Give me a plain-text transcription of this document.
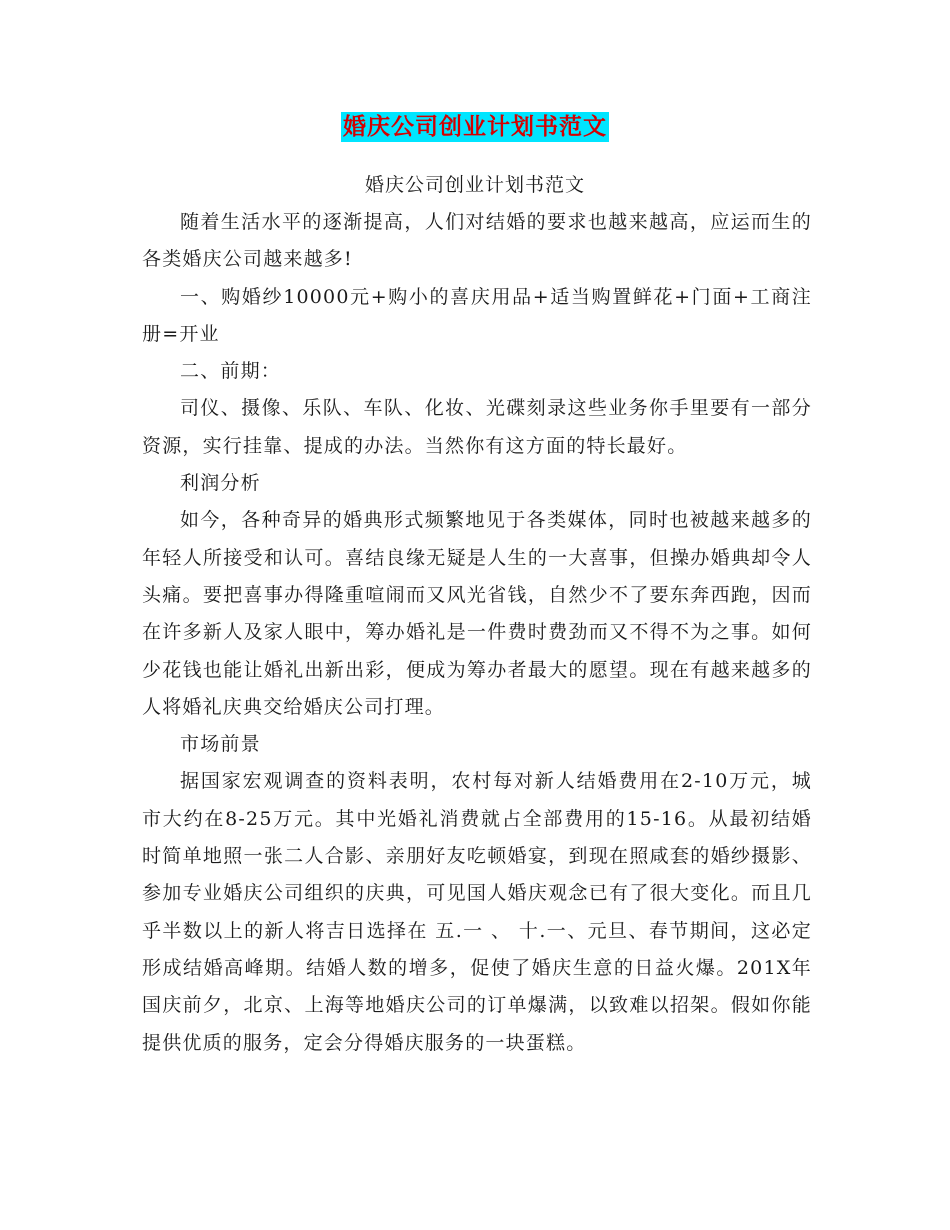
婚庆公司创业计划书范文
婚庆公司创业计划书范文

随着生活水平的逐渐提高，人们对结婚的要求也越来越高，应运而生的各类婚庆公司越来越多!

一、购婚纱10000元+购小的喜庆用品+适当购置鲜花+门面+工商注册=开业

二、前期：

司仪、摄像、乐队、车队、化妆、光碟刻录这些业务你手里要有一部分资源，实行挂靠、提成的办法。当然你有这方面的特长最好。

利润分析

如今，各种奇异的婚典形式频繁地见于各类媒体，同时也被越来越多的年轻人所接受和认可。喜结良缘无疑是人生的一大喜事，但操办婚典却令人头痛。要把喜事办得隆重喧闹而又风光省钱，自然少不了要东奔西跑，因而在许多新人及家人眼中，筹办婚礼是一件费时费劲而又不得不为之事。如何少花钱也能让婚礼出新出彩，便成为筹办者最大的愿望。现在有越来越多的人将婚礼庆典交给婚庆公司打理。

市场前景

据国家宏观调查的资料表明，农村每对新人结婚费用在2-10万元，城市大约在8-25万元。其中光婚礼消费就占全部费用的15-16。从最初结婚时简单地照一张二人合影、亲朋好友吃顿婚宴，到现在照咸套的婚纱摄影、参加专业婚庆公司组织的庆典，可见国人婚庆观念已有了很大变化。而且几乎半数以上的新人将吉日选择在 五.一 、 十.一、元旦、春节期间，这必定形成结婚高峰期。结婚人数的增多，促使了婚庆生意的日益火爆。201X年国庆前夕，北京、上海等地婚庆公司的订单爆满，以致难以招架。假如你能提供优质的服务，定会分得婚庆服务的一块蛋糕。
